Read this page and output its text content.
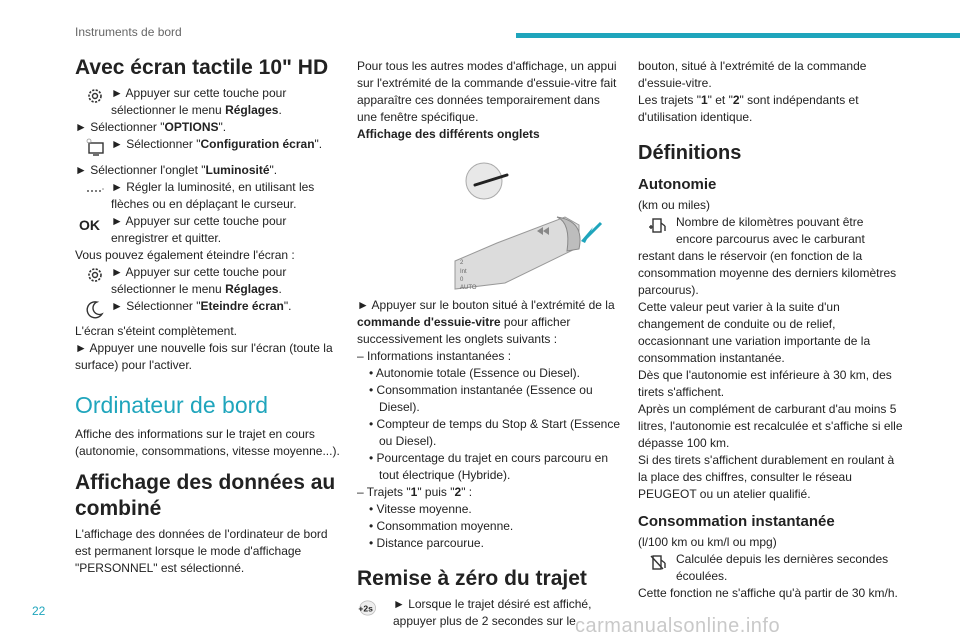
Instruments de bord
Avec écran tactile 10" HD
► Appuyer sur cette touche pour sélectionner le menu Réglages.

► Sélectionner "OPTIONS".

► Sélectionner "Configuration écran".

► Sélectionner l'onglet "Luminosité".

► Régler la luminosité, en utilisant les flèches ou en déplaçant le curseur.
OK ► Appuyer sur cette touche pour enregistrer et quitter.

Vous pouvez également éteindre l'écran :

► Appuyer sur cette touche pour sélectionner le menu Réglages.
► Sélectionner "Eteindre écran".

L'écran s'éteint complètement.

► Appuyer une nouvelle fois sur l'écran (toute la surface) pour l'activer.

Ordinateur de bord

Affiche des informations sur le trajet en cours (autonomie, consommations, vitesse moyenne...).

Affichage des données au combiné

L'affichage des données de l'ordinateur de bord est permanent lorsque le mode d'affichage "PERSONNEL" est sélectionné.

Pour tous les autres modes d'affichage, un appui sur l'extrémité de la commande d'essuie-vitre fait apparaître ces données temporairement dans une fenêtre spécifique.

Affichage des différents onglets

2
Int
0
AUTO

► Appuyer sur le bouton situé à l'extrémité de la commande d'essuie-vitre pour afficher successivement les onglets suivants :

– Informations instantanées :

• Autonomie totale (Essence ou Diesel).

• Consommation instantanée (Essence ou Diesel).

• Compteur de temps du Stop & Start (Essence ou Diesel).

• Pourcentage du trajet en cours parcouru en tout électrique (Hybride).

– Trajets "1" puis "2" :

• Vitesse moyenne.

• Consommation moyenne.

• Distance parcourue.

Remise à zéro du trajet
+2s ► Lorsque le trajet désiré est affiché, appuyer plus de 2 secondes sur le

bouton, situé à l'extrémité de la commande d'essuie-vitre.

Les trajets "1" et "2" sont indépendants et d'utilisation identique.

Définitions
Autonomie

(km ou miles)

Nombre de kilomètres pouvant être encore parcourus avec le carburant restant dans le réservoir (en fonction de la consommation moyenne des derniers kilomètres parcourus).

Cette valeur peut varier à la suite d'un changement de conduite ou de relief, occasionnant une variation importante de la consommation instantanée.

Dès que l'autonomie est inférieure à 30 km, des tirets s'affichent.

Après un complément de carburant d'au moins 5 litres, l'autonomie est recalculée et s'affiche si elle dépasse 100 km.

Si des tirets s'affichent durablement en roulant à la place des chiffres, consulter le réseau PEUGEOT ou un atelier qualifié.

Consommation instantanée

(l/100 km ou km/l ou mpg)

Calculée depuis les dernières secondes écoulées.

Cette fonction ne s'affiche qu'à partir de 30 km/h.

22
carmanualsonline.info
